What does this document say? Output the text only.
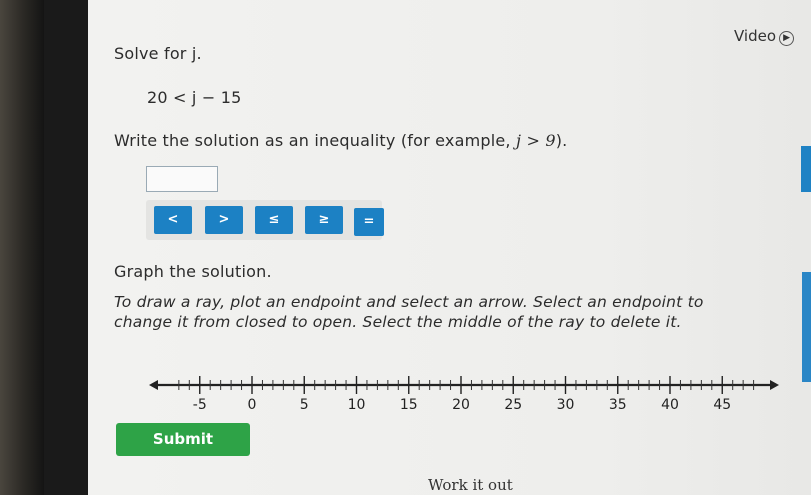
Video ▶
Solve for j.
20 < j − 15
Write the solution as an inequality (for example, j > 9).
<	>	≤	≥	=
Graph the solution.
To draw a ray, plot an endpoint and select an arrow. Select an endpoint to change it from closed to open. Select the middle of the ray to delete it.
-5	0	5	10 15 20 25 30 35 40 45
Submit
Work it out
